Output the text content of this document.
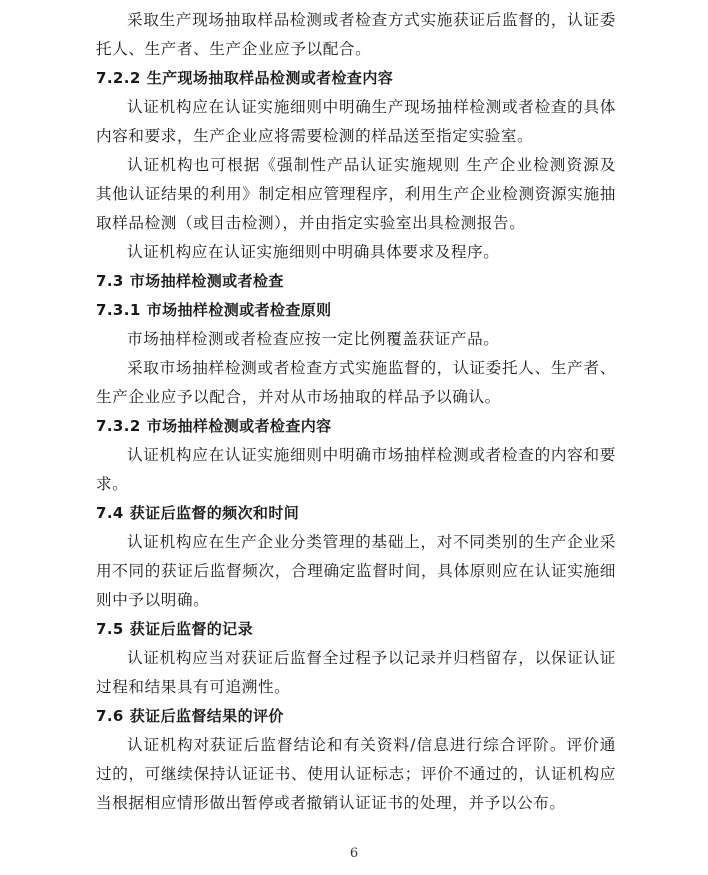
采取生产现场抽取样品检测或者检查方式实施获证后监督的，认证委托人、生产者、生产企业应予以配合。

7.2.2 生产现场抽取样品检测或者检查内容

认证机构应在认证实施细则中明确生产现场抽样检测或者检查的具体内容和要求，生产企业应将需要检测的样品送至指定实验室。

认证机构也可根据《强制性产品认证实施规则 生产企业检测资源及其他认证结果的利用》制定相应管理程序，利用生产企业检测资源实施抽取样品检测（或目击检测），并由指定实验室出具检测报告。

认证机构应在认证实施细则中明确具体要求及程序。

7.3 市场抽样检测或者检查

7.3.1 市场抽样检测或者检查原则

市场抽样检测或者检查应按一定比例覆盖获证产品。

采取市场抽样检测或者检查方式实施监督的，认证委托人、生产者、生产企业应予以配合，并对从市场抽取的样品予以确认。

7.3.2 市场抽样检测或者检查内容

认证机构应在认证实施细则中明确市场抽样检测或者检查的内容和要求。

7.4 获证后监督的频次和时间

认证机构应在生产企业分类管理的基础上，对不同类别的生产企业采用不同的获证后监督频次，合理确定监督时间，具体原则应在认证实施细则中予以明确。

7.5 获证后监督的记录

认证机构应当对获证后监督全过程予以记录并归档留存，以保证认证过程和结果具有可追溯性。

7.6 获证后监督结果的评价

认证机构对获证后监督结论和有关资料/信息进行综合评阶。评价通过的，可继续保持认证证书、使用认证标志；评价不通过的，认证机构应当根据相应情形做出暂停或者撤销认证证书的处理，并予以公布。

6
